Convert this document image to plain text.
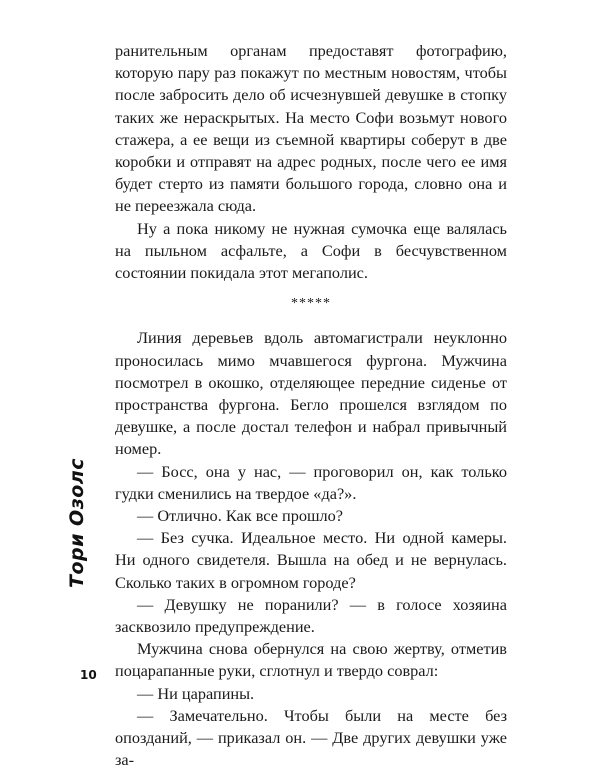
ранительным органам предоставят фотографию, которую пару раз покажут по местным новостям, чтобы после забросить дело об исчезнувшей девушке в стопку таких же нераскрытых. На место Софи возьмут нового стажера, а ее вещи из съемной квартиры соберут в две коробки и отправят на адрес родных, после чего ее имя будет стерто из памяти большого города, словно она и не переезжала сюда.

Ну а пока никому не нужная сумочка еще валялась на пыльном асфальте, а Софи в бесчувственном состоянии покидала этот мегаполис.

*****

Линия деревьев вдоль автомагистрали неуклонно проносилась мимо мчавшегося фургона. Мужчина посмотрел в окошко, отделяющее передние сиденье от пространства фургона. Бегло прошелся взглядом по девушке, а после достал телефон и набрал привычный номер.

— Босс, она у нас, — проговорил он, как только гудки сменились на твердое «да?».

— Отлично. Как все прошло?

— Без сучка. Идеальное место. Ни одной камеры. Ни одного свидетеля. Вышла на обед и не вернулась. Сколько таких в огромном городе?

— Девушку не поранили? — в голосе хозяина засквозило предупреждение.

Мужчина снова обернулся на свою жертву, отметив поцарапанные руки, сглотнул и твердо соврал:

— Ни царапины.

— Замечательно. Чтобы были на месте без опозданий, — приказал он. — Две других девушки уже за-

Тори Озолс
10
